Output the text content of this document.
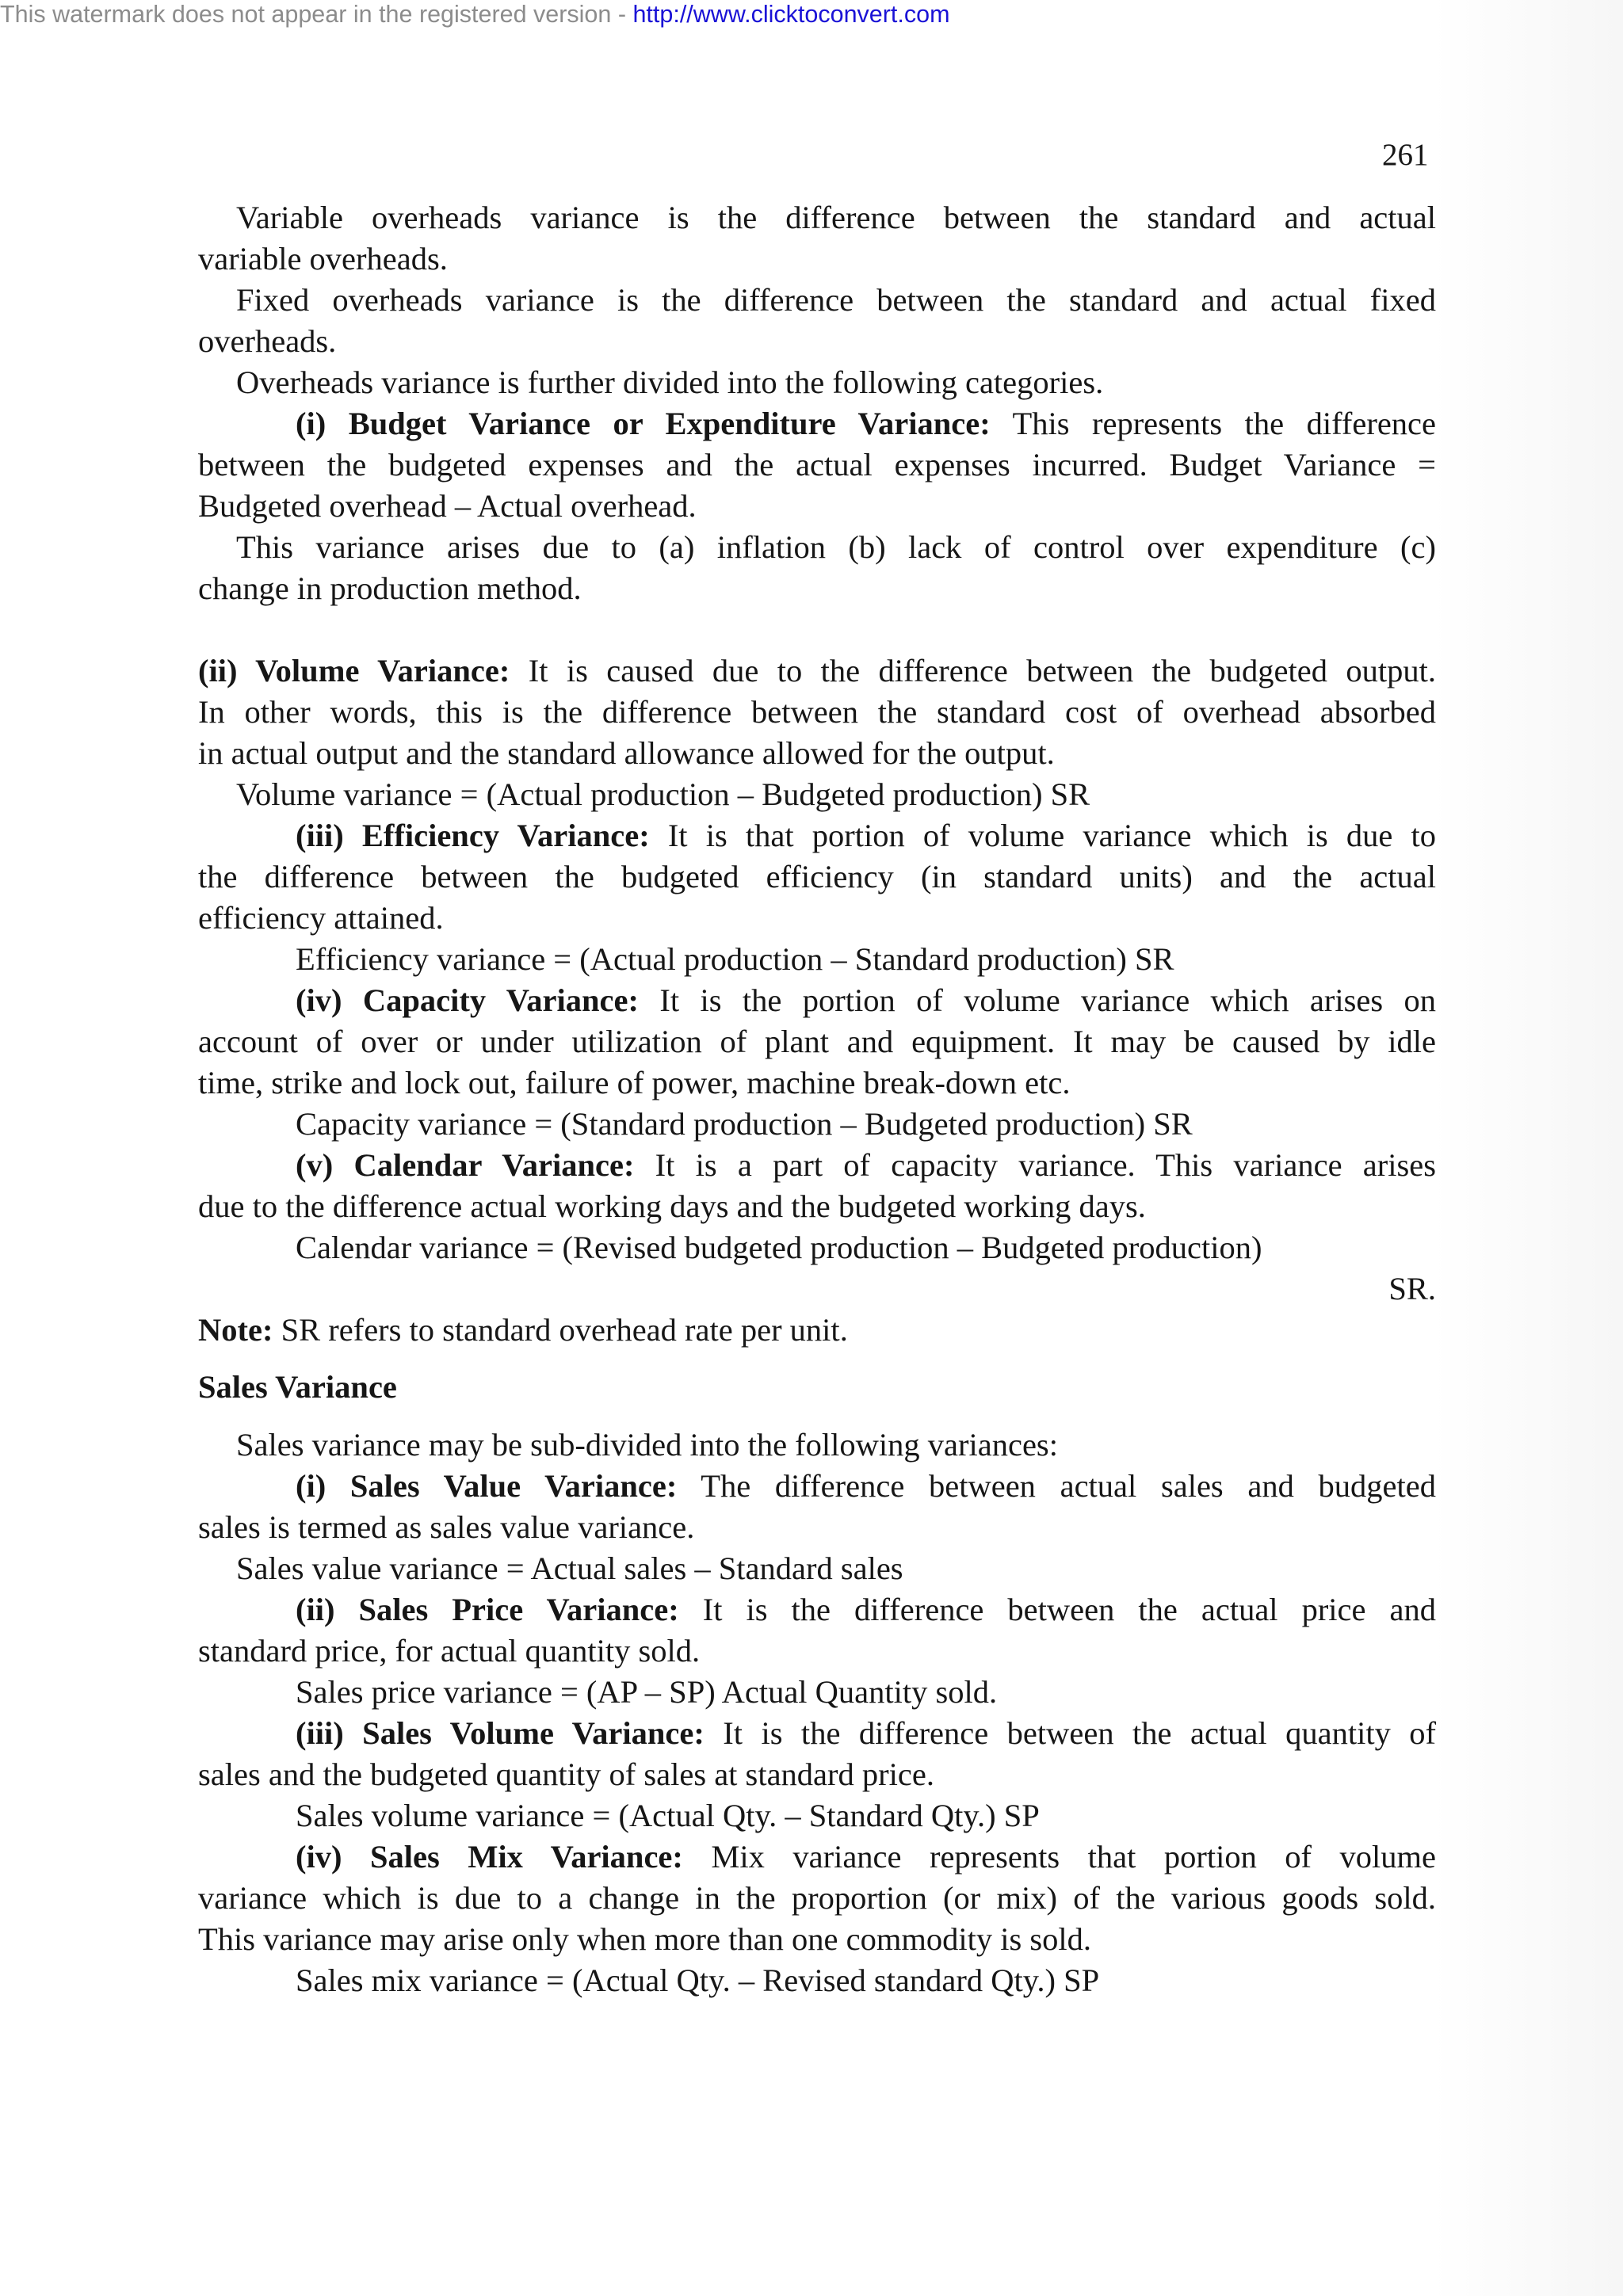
This watermark does not appear in the registered version - http://www.clicktoconvert.com
261
Variable overheads variance is the difference between the standard and actual
variable overheads.
Fixed overheads variance is the difference between the standard and actual fixed
overheads.
Overheads variance is further divided into the following categories.
(i) Budget Variance or Expenditure Variance: This represents the difference
between the budgeted expenses and the actual expenses incurred. Budget Variance =
Budgeted overhead – Actual overhead.
This variance arises due to (a) inflation (b) lack of control over expenditure (c)
change in production method.
(ii) Volume Variance: It is caused due to the difference between the budgeted output.
In other words, this is the difference between the standard cost of overhead absorbed
in actual output and the standard allowance allowed for the output.
Volume variance = (Actual production – Budgeted production) SR
(iii) Efficiency Variance: It is that portion of volume variance which is due to
the difference between the budgeted efficiency (in standard units) and the actual
efficiency attained.
Efficiency variance = (Actual production – Standard production) SR
(iv) Capacity Variance: It is the portion of volume variance which arises on
account of over or under utilization of plant and equipment. It may be caused by idle
time, strike and lock out, failure of power, machine break-down etc.
Capacity variance = (Standard production – Budgeted production) SR
(v) Calendar Variance: It is a part of capacity variance. This variance arises
due to the difference actual working days and the budgeted working days.
Calendar variance = (Revised budgeted production – Budgeted production)
SR.
Note: SR refers to standard overhead rate per unit.
Sales Variance
Sales variance may be sub-divided into the following variances:
(i) Sales Value Variance: The difference between actual sales and budgeted
sales is termed as sales value variance.
Sales value variance = Actual sales – Standard sales
(ii) Sales Price Variance: It is the difference between the actual price and
standard price, for actual quantity sold.
Sales price variance = (AP – SP) Actual Quantity sold.
(iii) Sales Volume Variance: It is the difference between the actual quantity of
sales and the budgeted quantity of sales at standard price.
Sales volume variance = (Actual Qty. – Standard Qty.) SP
(iv) Sales Mix Variance: Mix variance represents that portion of volume
variance which is due to a change in the proportion (or mix) of the various goods sold.
This variance may arise only when more than one commodity is sold.
Sales mix variance = (Actual Qty. – Revised standard Qty.) SP
